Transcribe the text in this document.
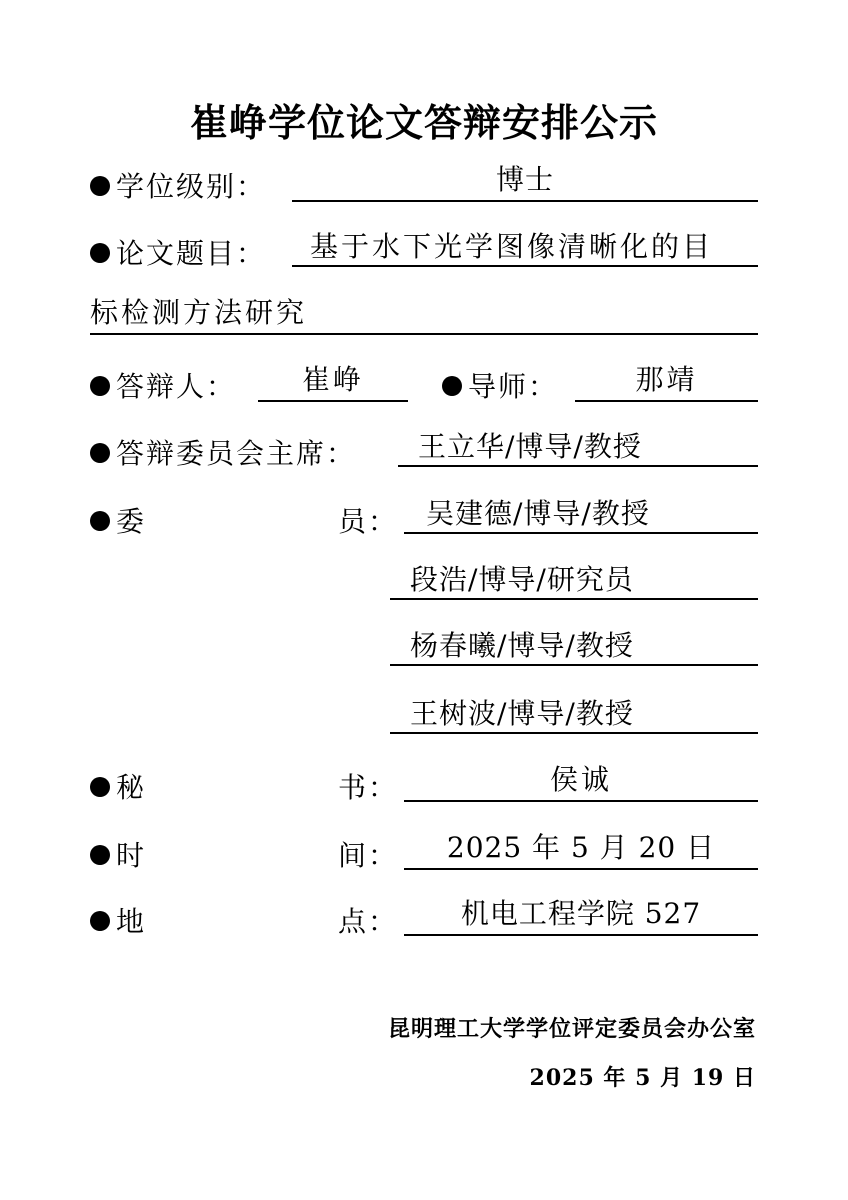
崔峥学位论文答辩安排公示
学位级别：	博士
论文题目：	基于水下光学图像清晰化的目
标检测方法研究
答辩人：	崔峥	导师：	那靖
答辩委员会主席：	王立华/博导/教授
委	员： 吴建德/博导/教授
段浩/博导/研究员
杨春曦/博导/教授
王树波/博导/教授
秘	书：	侯诚
时	间：	2025 年 5 月 20 日
地	点：	机电工程学院 527
昆明理工大学学位评定委员会办公室
2025 年 5 月 19 日
